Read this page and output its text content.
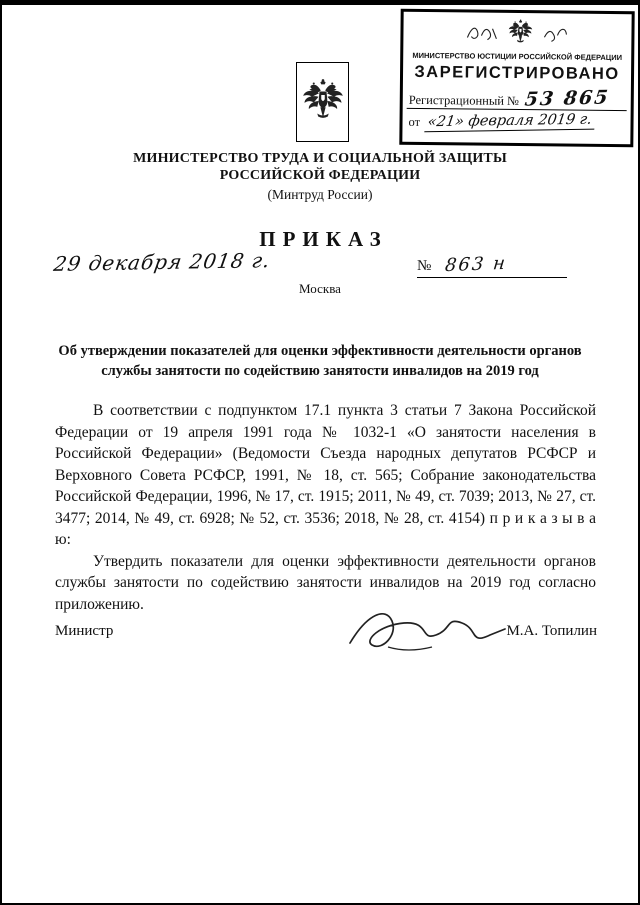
МИНИСТЕРСТВО ЮСТИЦИИ РОССИЙСКОЙ ФЕДЕРАЦИИ
ЗАРЕГИСТРИРОВАНО
Регистрационный № 53 865
от «21» февраля 2019 г.
МИНИСТЕРСТВО ТРУДА И СОЦИАЛЬНОЙ ЗАЩИТЫ
РОССИЙСКОЙ ФЕДЕРАЦИИ
(Минтруд России)
ПРИКАЗ
29 декабря 2018 г.	№ 863 н
Москва
Об утверждении показателей для оценки эффективности деятельности органов службы занятости по содействию занятости инвалидов на 2019 год

В соответствии с подпунктом 17.1 пункта 3 статьи 7 Закона Российской Федерации от 19 апреля 1991 года № 1032-1 «О занятости населения в Российской Федерации» (Ведомости Съезда народных депутатов РСФСР и Верховного Совета РСФСР, 1991, № 18, ст. 565; Собрание законодательства Российской Федерации, 1996, № 17, ст. 1915; 2011, № 49, ст. 7039; 2013, № 27, ст. 3477; 2014, № 49, ст. 6928; № 52, ст. 3536; 2018, № 28, ст. 4154) п р и к а з ы в а ю:

Утвердить показатели для оценки эффективности деятельности органов службы занятости по содействию занятости инвалидов на 2019 год согласно приложению.

Министр	М.А. Топилин
